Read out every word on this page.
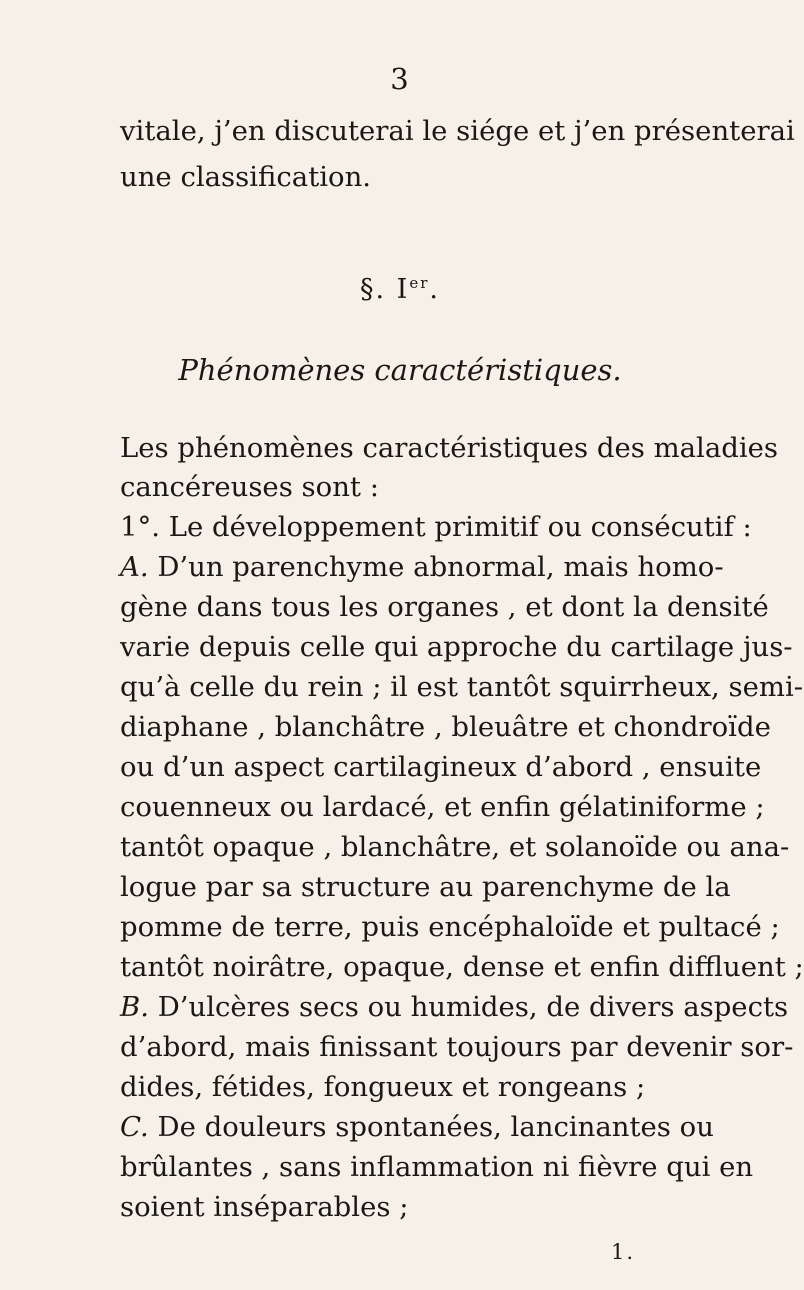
3
vitale, j’en discuterai le siége et j’en présenterai
une classification.
§. Ier.
Phénomènes caractéristiques.
Les phénomènes caractéristiques des maladies
cancéreuses sont :
1°. Le développement primitif ou consécutif :
A. D’un parenchyme abnormal, mais homo-
gène dans tous les organes , et dont la densité
varie depuis celle qui approche du cartilage jus-
qu’à celle du rein ; il est tantôt squirrheux, semi-
diaphane , blanchâtre , bleuâtre et chondroïde
ou d’un aspect cartilagineux d’abord , ensuite
couenneux ou lardacé, et enfin gélatiniforme ;
tantôt opaque , blanchâtre, et solanoïde ou ana-
logue par sa structure au parenchyme de la
pomme de terre, puis encéphaloïde et pultacé ;
tantôt noirâtre, opaque, dense et enfin diffluent ;
B. D’ulcères secs ou humides, de divers aspects
d’abord, mais finissant toujours par devenir sor-
dides, fétides, fongueux et rongeans ;
C. De douleurs spontanées, lancinantes ou
brûlantes , sans inflammation ni fièvre qui en
soient inséparables ;
1.
